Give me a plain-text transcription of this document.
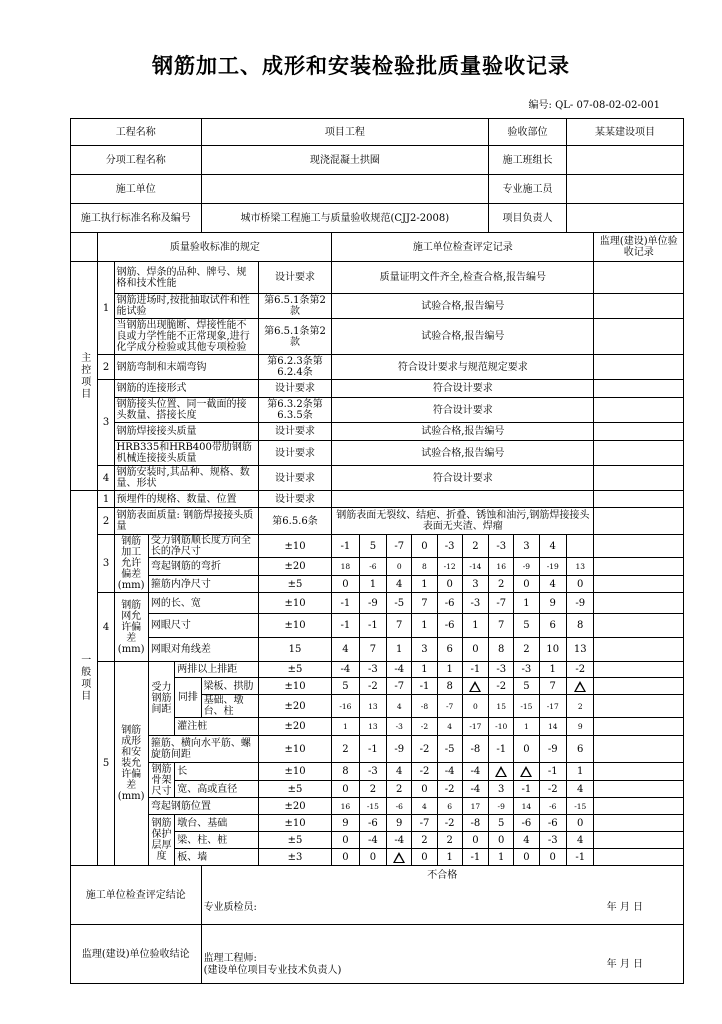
钢筋加工、成形和安装检验批质量验收记录
编号: QL- 07-08-02-02-001
工程名称					项目工程								验收部位			某某建设项目	
分项工程名称					现浇混凝土拱圈								施工班组长				
施工单位													专业施工员				
施工执行标准名称及编号					城市桥梁工程施工与质量验收规范(CJJ2-2008)								项目负责人				
	质量验收标准的规定						施工单位检查评定记录										监理(建设)单位验收记录
主控项目	1	钢筋、焊条的品种、牌号、规格和技术性能				设计要求	质量证明文件齐全,检查合格,报告编号										
		钢筋进场时,按批抽取试件和性能试验				第6.5.1条第2款	试验合格,报告编号										
		当钢筋出现脆断、焊接性能不良或力学性能不正常现象,进行化学成分检验或其他专项检验				第6.5.1条第2款	试验合格,报告编号										
	2	钢筋弯制和末端弯钩				第6.2.3条第6.2.4条	符合设计要求与规范规定要求										
	3	钢筋的连接形式				设计要求	符合设计要求										
		钢筋接头位置、同一截面的接头数量、搭接长度				第6.3.2条第6.3.5条	符合设计要求										
		钢筋焊接接头质量				设计要求	试验合格,报告编号										
		HRB335和HRB400带肋钢筋机械连接接头质量				设计要求	试验合格,报告编号										
	4	钢筋安装时,其品种、规格、数量、形状				设计要求	符合设计要求										
一般项目	1	预埋件的规格、数量、位置				设计要求											
	2	钢筋表面质量: 钢筋焊接接头质量				第6.5.6条	钢筋表面无裂纹、结疤、折叠、锈蚀和油污,钢筋焊接接头表面无夹渣、焊瘤										
	3	钢筋加工允许偏差(mm)	受力钢筋顺长度方向全长的净尺寸			±10	-1	5	-7	0	-3	2	-3	3	4		
			弯起钢筋的弯折			±20	18	-6	0	8	-12	-14	16	-9	-19	13	
			箍筋内净尺寸			±5	0	1	4	1	0	3	2	0	4	0	
	4	钢筋网允许偏差(mm)	网的长、宽			±10	-1	-9	-5	7	-6	-3	-7	1	9	-9	
			网眼尺寸			±10	-1	-1	7	1	-6	1	7	5	6	8	
			网眼对角线差			15	4	7	1	3	6	0	8	2	10	13	
	5	钢筋成形和安装允许偏差(mm)	受力钢筋间距	两排以上排距		±5	-4	-3	-4	1	1	-1	-3	-3	1	-2	
				同排	梁板、拱肋	±10	5	-2	-7	-1	8		-2	5	7		
					基础、墩台、柱	±20	-16	13	4	-8	-7	0	15	-15	-17	2	
				灌注桩		±20	1	13	-3	-2	4	-17	-10	1	14	9	
			箍筋、横向水平筋、螺旋筋间距			±10	2	-1	-9	-2	-5	-8	-1	0	-9	6	
			钢筋骨架尺寸	长		±10	8	-3	4	-2	-4	-4			-1	1	
				宽、高或直径		±5	0	2	2	0	-2	-4	3	-1	-2	4	
			弯起钢筋位置			±20	16	-15	-6	4	6	17	-9	14	-6	-15	
			钢筋保护层厚度	墩台、基础		±10	9	-6	9	-7	-2	-8	5	-6	-6	0	
				梁、柱、桩		±5	0	-4	-4	2	2	0	0	4	-3	4	
				板、墙		±3	0	0		0	1	-1	1	0	0	-1	
施工单位检查评定结论					不合格
专业质检员: 年 月 日												

监理(建设)单位验收结论					监理工程师:
(建设单位项目专业技术负责人)
年 月 日												
